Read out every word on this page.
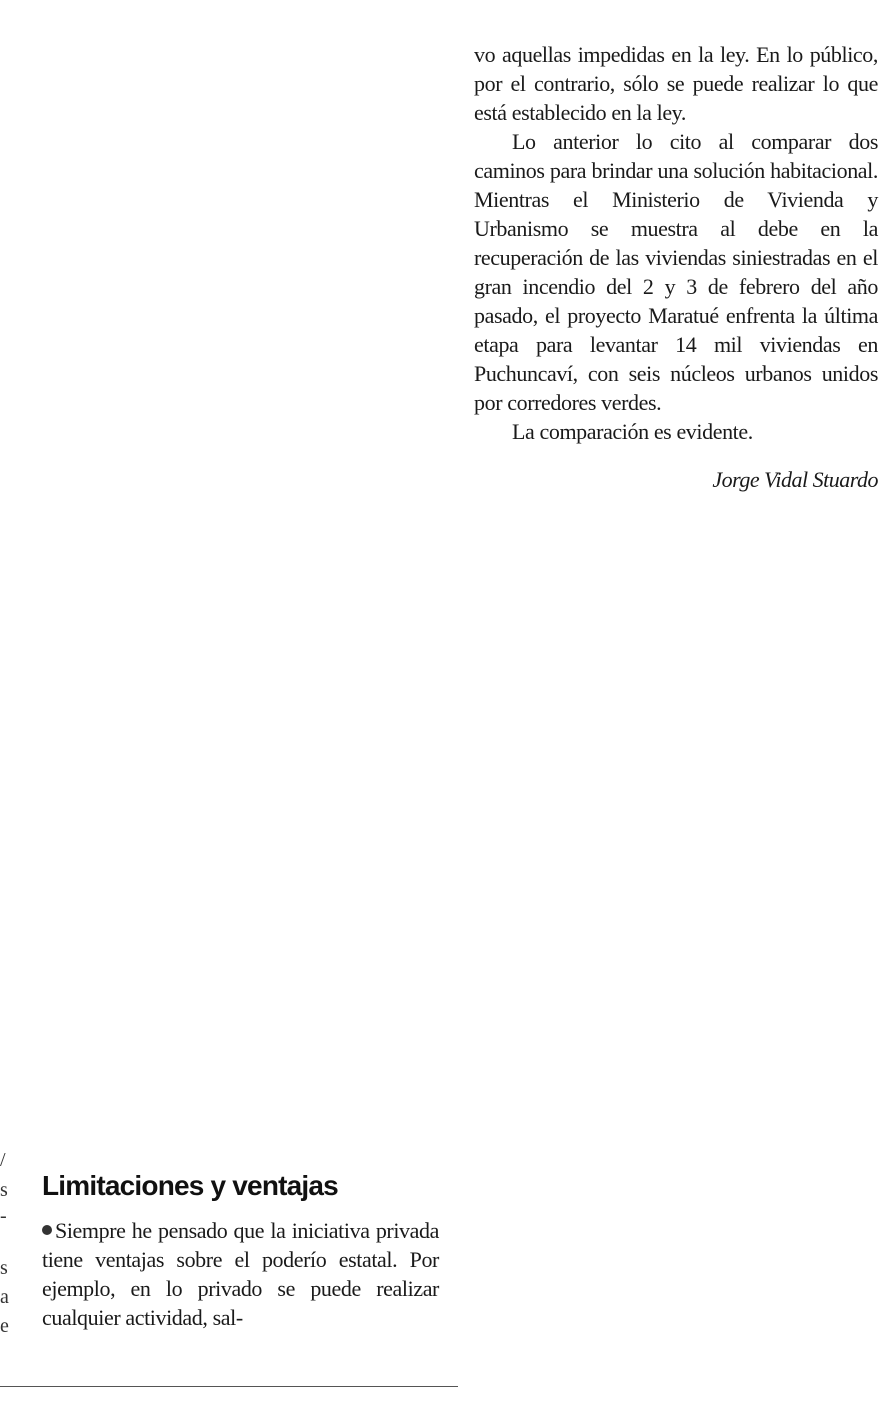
vo aquellas impedidas en la ley. En lo público, por el contrario, sólo se puede realizar lo que está establecido en la ley.

Lo anterior lo cito al comparar dos caminos para brindar una solución habitacional. Mientras el Ministerio de Vivienda y Urbanismo se muestra al debe en la recuperación de las viviendas siniestradas en el gran incendio del 2 y 3 de febrero del año pasado, el proyecto Maratué enfrenta la última etapa para levantar 14 mil viviendas en Puchuncaví, con seis núcleos urbanos unidos por corredores verdes.

La comparación es evidente.

Jorge Vidal Stuardo

Limitaciones y ventajas

Siempre he pensado que la iniciativa privada tiene ventajas sobre el poderío estatal. Por ejemplo, en lo privado se puede realizar cualquier actividad, sal-

/
s
-
s
a
e
